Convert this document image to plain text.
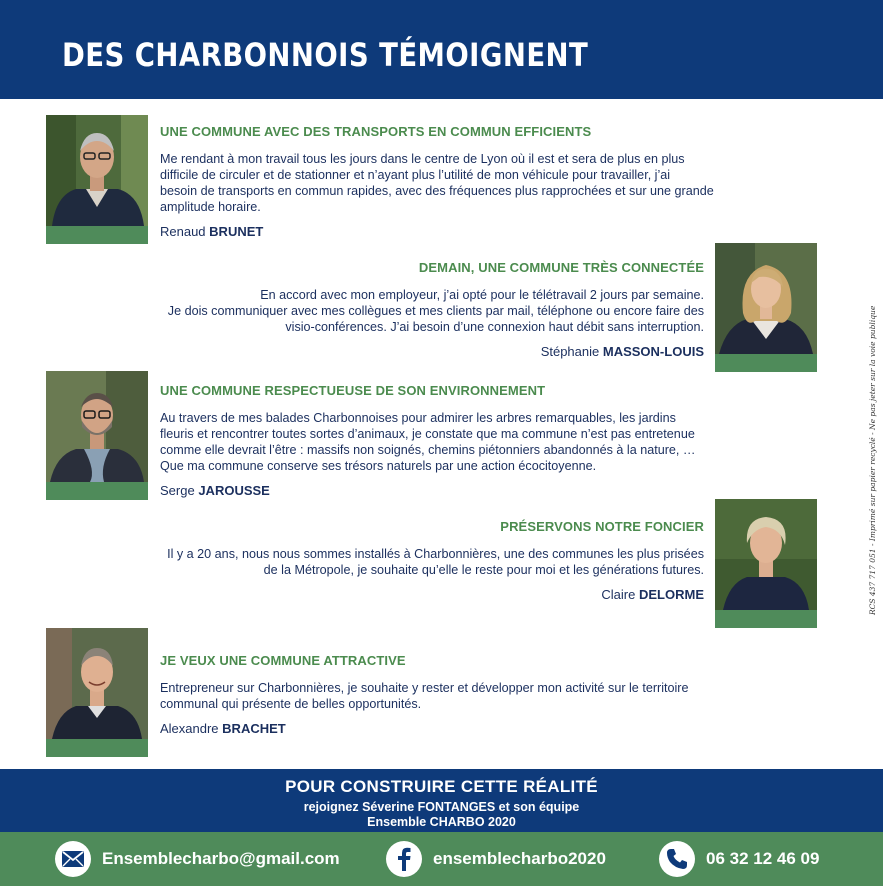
DES CHARBONNOIS TÉMOIGNENT
UNE COMMUNE AVEC DES TRANSPORTS EN COMMUN EFFICIENTS
Me rendant à mon travail tous les jours dans le centre de Lyon où il est et sera de plus en plus
difficile de circuler et de stationner et n’ayant plus l’utilité de mon véhicule pour travailler, j’ai
besoin de transports en commun rapides, avec des fréquences plus rapprochées et sur une grande
amplitude horaire.
Renaud BRUNET
DEMAIN, UNE COMMUNE TRÈS CONNECTÉE
En accord avec mon employeur, j’ai opté pour le télétravail 2 jours par semaine.
Je dois communiquer avec mes collègues et mes clients par mail, téléphone ou encore faire des
visio-conférences. J’ai besoin d’une connexion haut débit sans interruption.
Stéphanie MASSON-LOUIS
UNE COMMUNE RESPECTUEUSE DE SON ENVIRONNEMENT
Au travers de mes balades Charbonnoises pour admirer les arbres remarquables, les jardins
fleuris et rencontrer toutes sortes d’animaux, je constate que ma commune n’est pas entretenue
comme elle devrait l’être : massifs non soignés, chemins piétonniers abandonnés à la nature, …
Que ma commune conserve ses trésors naturels par une action écocitoyenne.
Serge JAROUSSE
PRÉSERVONS NOTRE FONCIER
Il y a 20 ans, nous nous sommes installés à Charbonnières, une des communes les plus prisées
de la Métropole, je souhaite qu’elle le reste pour moi et les générations futures.
Claire DELORME
JE VEUX UNE COMMUNE ATTRACTIVE
Entrepreneur sur Charbonnières, je souhaite y rester et développer mon activité sur le territoire
communal qui présente de belles opportunités.
Alexandre BRACHET
RCS 437 717 051 - Imprimé sur papier recyclé - Ne pas jeter sur la voie publique
POUR CONSTRUIRE CETTE RÉALITÉ
rejoignez Séverine FONTANGES et son équipe
Ensemble CHARBO 2020
Ensemblecharbo@gmail.com	ensemblecharbo2020	06 32 12 46 09
